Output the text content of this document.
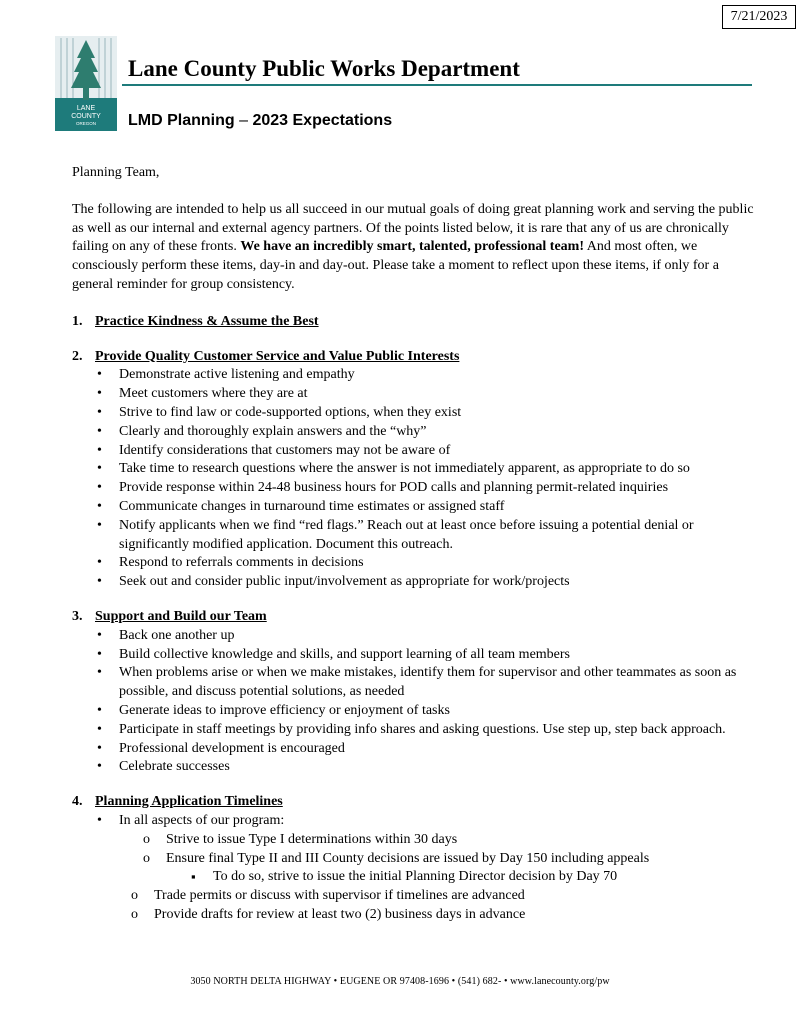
7/21/2023
LANE
COUNTY
OREGON
Lane County Public Works Department
LMD Planning – 2023 Expectations

Planning Team,

The following are intended to help us all succeed in our mutual goals of doing great planning work and serving the public as well as our internal and external agency partners. Of the points listed below, it is rare that any of us are chronically failing on any of these fronts. We have an incredibly smart, talented, professional team! And most often, we consciously perform these items, day-in and day-out. Please take a moment to reflect upon these items, if only for a general reminder for group consistency.

1. Practice Kindness & Assume the Best
2. Provide Quality Customer Service and Value Public Interests
• Demonstrate active listening and empathy
• Meet customers where they are at
• Strive to find law or code-supported options, when they exist
• Clearly and thoroughly explain answers and the “why”
• Identify considerations that customers may not be aware of
• Take time to research questions where the answer is not immediately apparent, as appropriate to do so
• Provide response within 24-48 business hours for POD calls and planning permit-related inquiries
• Communicate changes in turnaround time estimates or assigned staff
• Notify applicants when we find “red flags.” Reach out at least once before issuing a potential denial or significantly modified application. Document this outreach.
• Respond to referrals comments in decisions
• Seek out and consider public input/involvement as appropriate for work/projects
3. Support and Build our Team
• Back one another up
• Build collective knowledge and skills, and support learning of all team members
• When problems arise or when we make mistakes, identify them for supervisor and other teammates as soon as possible, and discuss potential solutions, as needed
• Generate ideas to improve efficiency or enjoyment of tasks
• Participate in staff meetings by providing info shares and asking questions. Use step up, step back approach.
• Professional development is encouraged
• Celebrate successes
4. Planning Application Timelines
• In all aspects of our program:
o Strive to issue Type I determinations within 30 days
o Ensure final Type II and III County decisions are issued by Day 150 including appeals
▪ To do so, strive to issue the initial Planning Director decision by Day 70
o Trade permits or discuss with supervisor if timelines are advanced
o Provide drafts for review at least two (2) business days in advance
3050 NORTH DELTA HIGHWAY • EUGENE OR 97408-1696 • (541) 682- • www.lanecounty.org/pw
